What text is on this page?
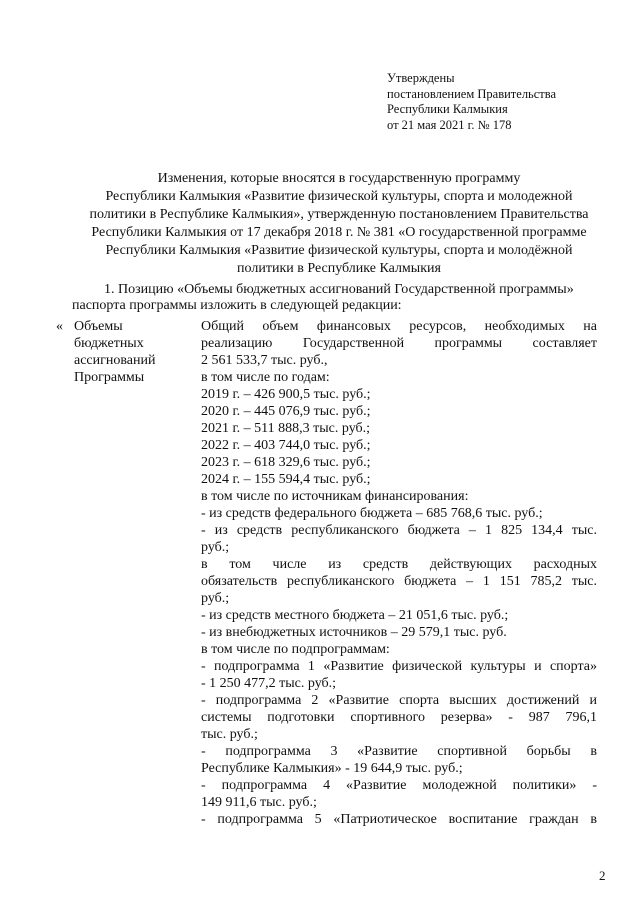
Утверждены
постановлением Правительства
Республики Калмыкия
от 21 мая 2021 г. № 178
Изменения, которые вносятся в государственную программу
Республики Калмыкия «Развитие физической культуры, спорта и молодежной
политики в Республике Калмыкия», утвержденную постановлением Правительства
Республики Калмыкия от 17 декабря 2018 г. № 381 «О государственной программе
Республики Калмыкия «Развитие физической культуры, спорта и молодёжной
политики в Республике Калмыкия
1. Позицию «Объемы бюджетных ассигнований Государственной программы»
паспорта программы изложить в следующей редакции:
« Объемы
бюджетных
ассигнований
Программы
Общий объем финансовых ресурсов, необходимых на
реализацию Государственной программы составляет
2 561 533,7 тыс. руб.,
в том числе по годам:
2019 г. – 426 900,5 тыс. руб.;
2020 г. – 445 076,9 тыс. руб.;
2021 г. – 511 888,3 тыс. руб.;
2022 г. – 403 744,0 тыс. руб.;
2023 г. – 618 329,6 тыс. руб.;
2024 г. – 155 594,4 тыс. руб.;
в том числе по источникам финансирования:
- из средств федерального бюджета – 685 768,6 тыс. руб.;
- из средств республиканского бюджета – 1 825 134,4 тыс.
руб.;
в том числе из средств действующих расходных
обязательств республиканского бюджета – 1 151 785,2 тыс.
руб.;
- из средств местного бюджета – 21 051,6 тыс. руб.;
- из внебюджетных источников – 29 579,1 тыс. руб.
в том числе по подпрограммам:
- подпрограмма 1 «Развитие физической культуры и спорта»
- 1 250 477,2 тыс. руб.;
- подпрограмма 2 «Развитие спорта высших достижений и
системы подготовки спортивного резерва» - 987 796,1
тыс. руб.;
- подпрограмма 3 «Развитие спортивной борьбы в
Республике Калмыкия» - 19 644,9 тыс. руб.;
- подпрограмма 4 «Развитие молодежной политики» -
149 911,6 тыс. руб.;
- подпрограмма 5 «Патриотическое воспитание граждан в
2
